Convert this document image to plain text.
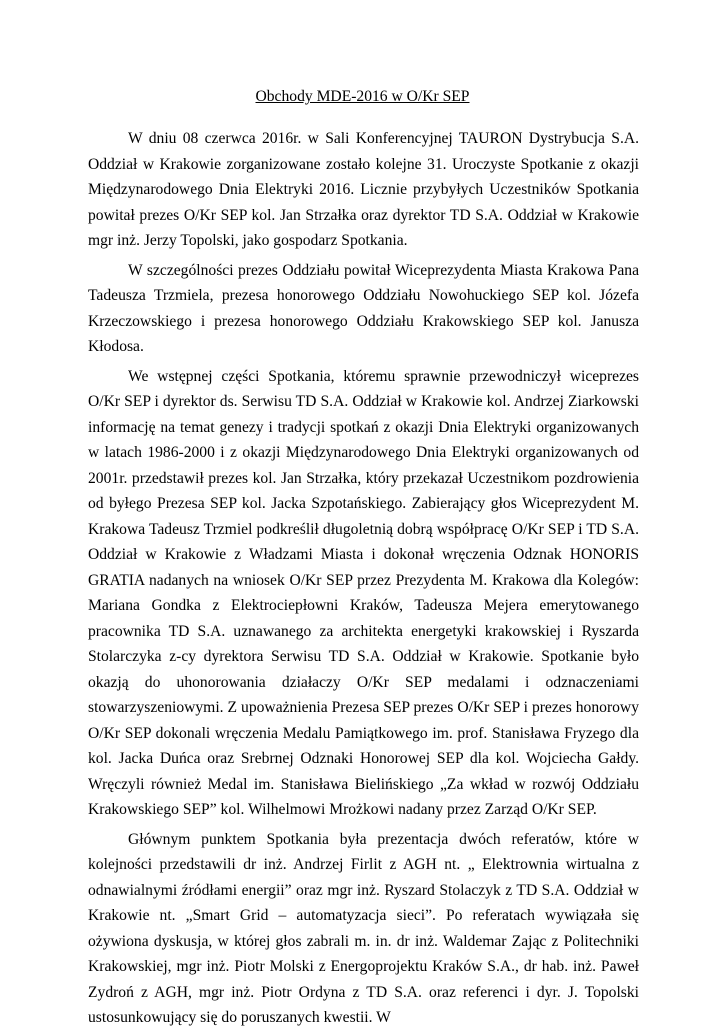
Obchody MDE-2016 w O/Kr SEP

W dniu 08 czerwca 2016r. w Sali Konferencyjnej TAURON Dystrybucja S.A. Oddział w Krakowie zorganizowane zostało kolejne 31. Uroczyste Spotkanie z okazji Międzynarodowego Dnia Elektryki 2016. Licznie przybyłych Uczestników Spotkania powitał prezes O/Kr SEP kol. Jan Strzałka oraz dyrektor TD S.A. Oddział w Krakowie mgr inż. Jerzy Topolski, jako gospodarz Spotkania.

W szczególności prezes Oddziału powitał Wiceprezydenta Miasta Krakowa Pana Tadeusza Trzmiela, prezesa honorowego Oddziału Nowohuckiego SEP kol. Józefa Krzeczowskiego i prezesa honorowego Oddziału Krakowskiego SEP kol. Janusza Kłodosa.

We wstępnej części Spotkania, któremu sprawnie przewodniczył wiceprezes O/Kr SEP i dyrektor ds. Serwisu TD S.A. Oddział w Krakowie kol. Andrzej Ziarkowski informację na temat genezy i tradycji spotkań z okazji Dnia Elektryki organizowanych w latach 1986-2000 i z okazji Międzynarodowego Dnia Elektryki organizowanych od 2001r. przedstawił prezes kol. Jan Strzałka, który przekazał Uczestnikom pozdrowienia od byłego Prezesa SEP kol. Jacka Szpotańskiego. Zabierający głos Wiceprezydent M. Krakowa Tadeusz Trzmiel podkreślił długoletnią dobrą współpracę O/Kr SEP i TD S.A. Oddział w Krakowie z Władzami Miasta i dokonał wręczenia Odznak HONORIS GRATIA nadanych na wniosek O/Kr SEP przez Prezydenta M. Krakowa dla Kolegów: Mariana Gondka z Elektrociepłowni Kraków, Tadeusza Mejera emerytowanego pracownika TD S.A. uznawanego za architekta energetyki krakowskiej i Ryszarda Stolarczyka z-cy dyrektora Serwisu TD S.A. Oddział w Krakowie. Spotkanie było okazją do uhonorowania działaczy O/Kr SEP medalami i odznaczeniami stowarzyszeniowymi. Z upoważnienia Prezesa SEP prezes O/Kr SEP i prezes honorowy O/Kr SEP dokonali wręczenia Medalu Pamiątkowego im. prof. Stanisława Fryzego dla kol. Jacka Duńca oraz Srebrnej Odznaki Honorowej SEP dla kol. Wojciecha Gałdy. Wręczyli również Medal im. Stanisława Bielińskiego „Za wkład w rozwój Oddziału Krakowskiego SEP” kol. Wilhelmowi Mrożkowi nadany przez Zarząd O/Kr SEP.

Głównym punktem Spotkania była prezentacja dwóch referatów, które w kolejności przedstawili dr inż. Andrzej Firlit z AGH nt. „ Elektrownia wirtualna z odnawialnymi źródłami energii” oraz mgr inż. Ryszard Stolaczyk z TD S.A. Oddział w Krakowie nt. „Smart Grid – automatyzacja sieci”. Po referatach wywiązała się ożywiona dyskusja, w której głos zabrali m. in. dr inż. Waldemar Zając z Politechniki Krakowskiej, mgr inż. Piotr Molski z Energoprojektu Kraków S.A., dr hab. inż. Paweł Zydroń z AGH, mgr inż. Piotr Ordyna z TD S.A. oraz referenci i dyr. J. Topolski ustosunkowujący się do poruszanych kwestii. W
